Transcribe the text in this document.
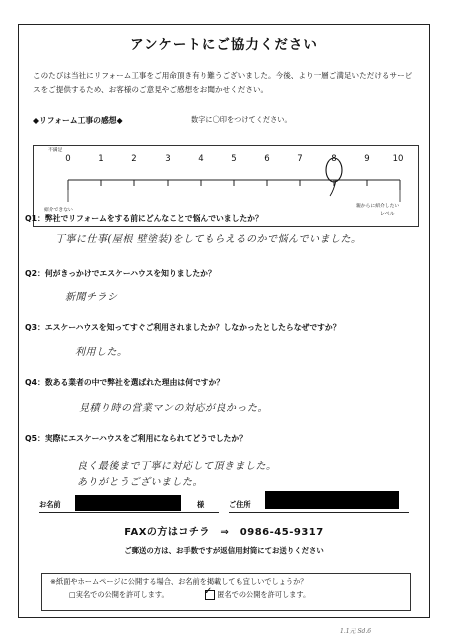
アンケートにご協力ください
このたびは当社にリフォーム工事をご用命頂き有り難うございました。今後、より一層ご満足いただけるサービスをご提供するため、お客様のご意見やご感想をお聞かせください。
◆リフォーム工事の感想◆	数字に〇印をつけてください。
不満足
0	1	2	3	4	5	6	7	8	9	10
紹介できない
親からに紹介したい
レベル
Q1：弊社でリフォームをする前にどんなことで悩んでいましたか？
丁寧に仕事(屋根 壁塗装)をしてもらえるのかで悩んでいました。
Q2：何がきっかけでエスケーハウスを知りましたか？
新聞チラシ
Q3：エスケーハウスを知ってすぐご利用されましたか？しなかったとしたらなぜですか？
利用した。
Q4：数ある業者の中で弊社を選ばれた理由は何ですか？
見積り時の営業マンの対応が良かった。
Q5：実際にエスケーハウスをご利用になられてどうでしたか？
良く最後まで丁寧に対応して頂きました。
ありがとうございました。
お名前	様	ご住所
FAXの方はコチラ　⇒　0986-45-9317
ご郵送の方は、お手数ですが返信用封筒にてお送りください
※紙面やホームページに公開する場合、お名前を掲載しても宜しいでしょうか？
□実名での公開を許可します。	✓ 匿名での公開を許可します。
1.1元 Sd.6
